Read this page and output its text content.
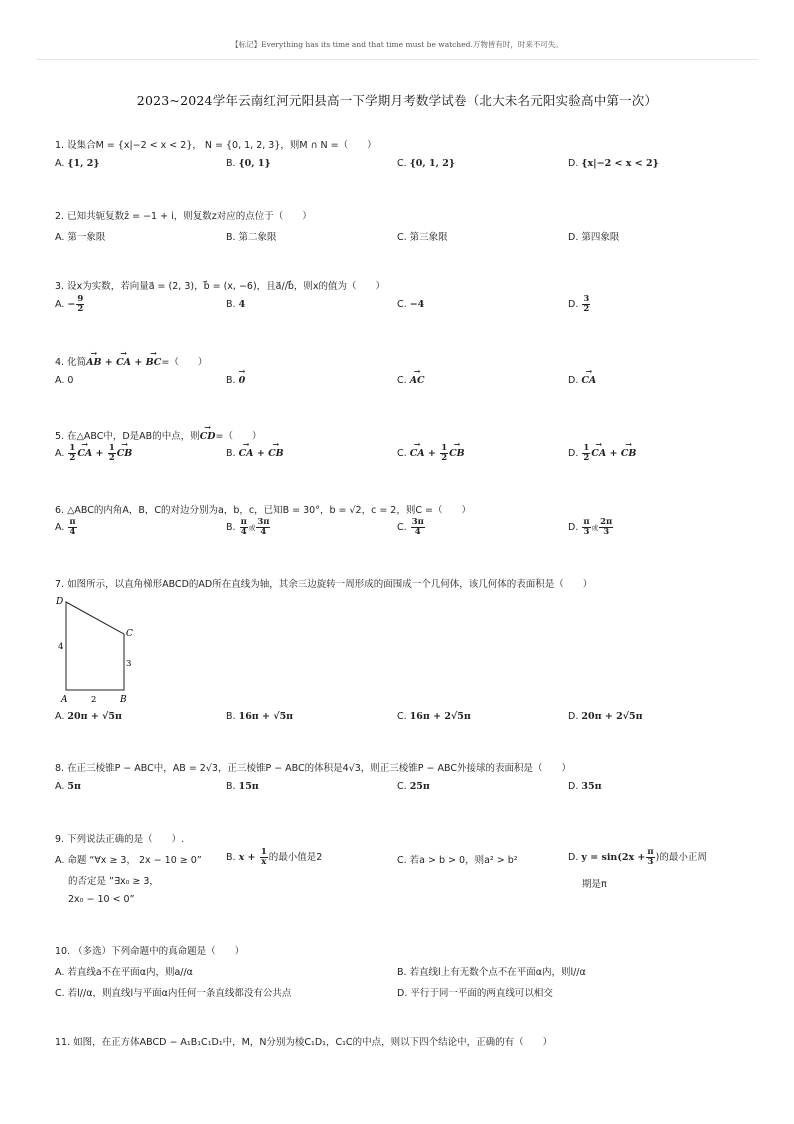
【标记】Everything has its time and that time must be watched.万物皆有时，时来不可失。
2023~2024学年云南红河元阳县高一下学期月考数学试卷（北大未名元阳实验高中第一次）
1. 设集合M = {x|−2 < x < 2}， N = {0, 1, 2, 3}，则M ∩ N =（　　）
A. {1, 2}	B. {0, 1}	C. {0, 1, 2}	D. {x|−2 < x < 2}
2. 已知共轭复数z̄ = −1 + i，则复数z对应的点位于（　　）
A. 第一象限	B. 第二象限	C. 第三象限	D. 第四象限
3. 设x为实数，若向量a⃗ = (2, 3)，b⃗ = (x, −6)，且a⃗//b⃗，则x的值为（　　）
A. − $\frac{9}{2}$	B. 4	C. −4	D. $\frac{3}{2}$
4. 化简→ AB + → CA + → BC=（　　）
A. 0	B. → 0	C. → AC	D. → CA
5. 在△ABC中，D是AB的中点，则→ CD=（　　）
A. $\frac{1}{2}$ → CA + $\frac{1}{2}$ → CB	B. → CA + → CB	C. → CA + $\frac{1}{2}$ → CB	D. $\frac{1}{2}$ → CA + → CB
6. △ABC的内角A，B，C的对边分别为a，b，c，已知B = 30°，b = √2，c = 2，则C =（　　）
A. $\frac{\pi}{4}$	B. $\frac{\pi}{4}$ 或 $\frac{3\pi}{4}$	C. $\frac{3\pi}{4}$	D. $\frac{\pi}{3}$ 或 $\frac{2\pi}{3}$
7. 如图所示，以直角梯形ABCD的AD所在直线为轴，其余三边旋转一周形成的面围成一个几何体，该几何体的表面积是（　　）
D
C
A	B
4
3
2
A. 20π + √5π	B. 16π + √5π	C. 16π + 2√5π	D. 20π + 2√5π
8. 在正三棱锥P − ABC中，AB = 2√3，正三棱锥P − ABC的体积是4√3，则正三棱锥P − ABC外接球的表面积是（　　）
A. 5π	B. 15π	C. 25π	D. 35π
9. 下列说法正确的是（　　）.
A. 命题 “∀x ≥ 3， 2x − 10 ≥ 0”
的否定是 ”∃x₀ ≥ 3，
2x₀ − 10 < 0”
B. $x + \frac{1}{x}$ 的最小值是2	C. 若a > b > 0，则a² > b²	D. $y = \sin(2x + \frac{\pi}{3}$ )的最小正周
期是π
10. （多选）下列命题中的真命题是（　　）
A. 若直线a不在平面α内，则a//α	B. 若直线l上有无数个点不在平面α内，则l//α
C. 若l//α，则直线l与平面α内任何一条直线都没有公共点	D. 平行于同一平面的两直线可以相交
11. 如图，在正方体ABCD − A₁B₁C₁D₁中，M，N分别为棱C₁D₁，C₁C的中点，则以下四个结论中，正确的有（　　）
